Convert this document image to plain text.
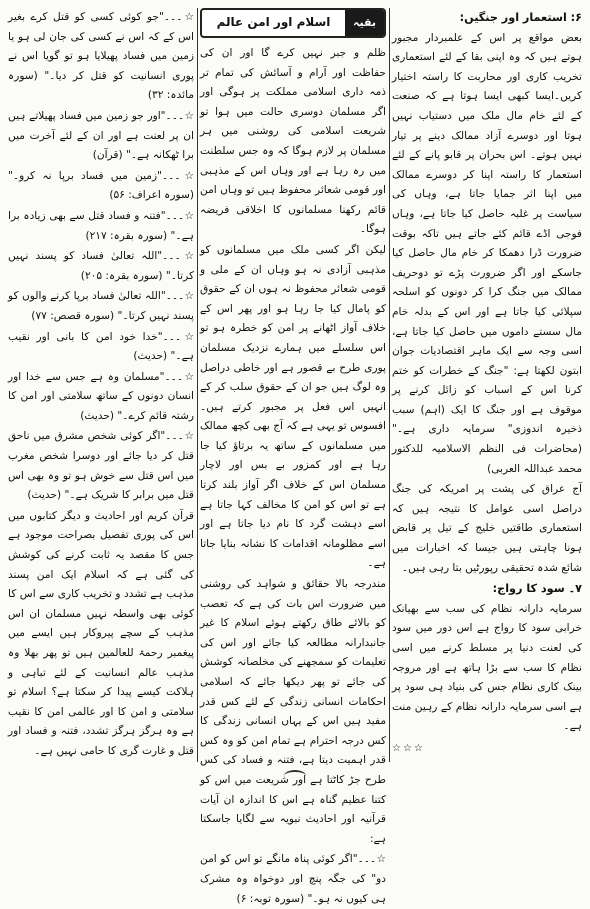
۶: استعمار اور جنگیں:

بعض مواقع پر اس کے علمبردار مجبور ہوتے ہیں کہ وہ اپنی بقا کے لئے استعماری تخریب کاری اور محاربت کا راستہ اختیار کریں۔ایسا کبھی ایسا ہوتا ہے کہ صنعت کے لئے خام مال ملک میں دستیاب نہیں ہوتا اور دوسرے آزاد ممالک دینے پر تیار نہیں ہوتے۔ اس بحران پر قابو پانے کے لئے استعمار کا راستہ اپنا کر دوسرے ممالک میں اپنا اثر جمایا جاتا ہے، وہاں کی سیاست پر غلبہ حاصل کیا جاتا ہے، وہاں فوجی اڈے قائم کئے جاتے ہیں تاکہ بوقت ضرورت ڈرا دھمکا کر خام مال حاصل کیا جاسکے اور اگر ضرورت پڑے تو دوحریف ممالک میں جنگ کرا کر دونوں کو اسلحہ سپلائی کیا جاتا ہے اور اس کے بدلہ خام مال سستے داموں میں حاصل کیا جاتا ہے، اسی وجہ سے ایک ماہر اقتصادیات جوان ابتون لکھتا ہے: "جنگ کے خطرات کو ختم کرنا اس کے اسباب کو زائل کرنے پر موقوف ہے اور جنگ کا ایک (اہم) سبب ذخیرہ اندوزی" سرمایہ داری ہے۔" (محاضرات فی النظم الاسلامیہ للدکتور محمد عبداللہ العربی)

آج عراق کی پشت پر امریکہ کی جنگ دراصل اسی عوامل کا نتیجہ ہیں کہ استعماری طاقتیں خلیج کے تیل پر قابض ہونا چاہتی ہیں جیسا کہ اخبارات میں شائع شدہ تحقیقی رپورٹیں بتا رہی ہیں۔

۷۔ سود کا رواج:

سرمایہ دارانہ نظام کی سب سے بھیانک خرابی سود کا رواج ہے اس دور میں سود کی لعنت دنیا پر مسلط کرنے میں اسی نظام کا سب سے بڑا ہاتھ ہے اور مروجہ بینک کاری نظام جس کی بنیاد ہی سود پر ہے اسی سرمایہ دارانہ نظام کے رہین منت ہے۔

☆☆☆
بقیہ
اسلام اور امن عالم

ظلم و جبر نہیں کرے گا اور ان کی حفاظت اور آرام و آسائش کی تمام تر ذمہ داری اسلامی مملکت پر ہوگی اور اگر مسلمان دوسری حالت میں ہوا تو شریعت اسلامی کی روشنی میں ہر مسلمان پر لازم ہوگا کہ وہ جس سلطنت میں رہ رہا ہے اور وہاں اس کے مذہبی اور قومی شعائر محفوظ ہیں تو وہاں امن قائم رکھنا مسلمانوں کا اخلاقی فریضہ ہوگا۔

لیکن اگر کسی ملک میں مسلمانوں کو مذہبی آزادی نہ ہو وہاں ان کے ملی و قومی شعائر محفوظ نہ ہوں ان کے حقوق کو پامال کیا جا رہا ہو اور پھر اس کے خلاف آواز اٹھانے پر امن کو خطرہ ہو تو اس سلسلے میں ہمارے نزدیک مسلمان پوری طرح بے قصور ہے اور خاطی دراصل وہ لوگ ہیں جو ان کے حقوق سلب کر کے انہیں اس فعل پر مجبور کرتے ہیں۔ افسوس تو یہی ہے کہ آج بھی کچھ ممالک میں مسلمانوں کے ساتھ یہ برتاؤ کیا جا رہا ہے اور کمزور بے بس اور لاچار مسلمان اس کے خلاف اگر آواز بلند کرتا ہے تو اس کو امن کا مخالف کہا جاتا ہے اسے دہشت گرد کا نام دیا جاتا ہے اور اسے مظلومانہ اقدامات کا نشانہ بنایا جاتا ہے۔

مندرجہ بالا حقائق و شواہد کی روشنی میں ضرورت اس بات کی ہے کہ تعصب کو بالائے طاق رکھتے ہوئے اسلام کا غیر جانبدارانہ مطالعہ کیا جائے اور اس کی تعلیمات کو سمجھنے کی مخلصانہ کوشش کی جائے تو پھر دیکھا جائے کہ اسلامی احکامات انسانی زندگی کے لئے کس قدر مفید ہیں اس کے یہاں انسانی زندگی کا کس درجہ احترام ہے تمام امن کو وہ کس قدر اہمیت دیتا ہے، فتنہ و فساد کی کس طرح جڑ کاٹتا ہے اور شریعت میں اس کو کتنا عظیم گناہ ہے اس کا اندازہ ان آیات قرآنیہ اور احادیث نبویہ سے لگایا جاسکتا ہے:

☆۔۔۔"اگر کوئی پناہ مانگے تو اس کو امن دو" کی جگہ پنچ اور دوخواہ وہ مشرک ہی کیوں نہ ہو۔" (سورہ توبہ: ۶)

☆۔۔۔"جو کوئی کسی کو قتل کرے بغیر اس کے کہ اس نے کسی کی جان لی ہو یا زمین میں فساد پھیلایا ہو تو گویا اس نے پوری انسانیت کو قتل کر دیا۔" (سورہ مائدہ: ۳۲)

☆۔۔۔"اور جو زمین میں فساد پھیلاتے ہیں ان پر لعنت ہے اور ان کے لئے آخرت میں برا ٹھکانہ ہے۔" (قرآن)

☆۔۔۔"زمین میں فساد برپا نہ کرو۔" (سورہ اعراف: ۵۶)

☆۔۔۔"فتنہ و فساد قتل سے بھی زیادہ برا ہے۔" (سورہ بقرہ: ۲۱۷)

☆۔۔۔"اللہ تعالیٰ فساد کو پسند نہیں کرتا۔" (سورہ بقرہ: ۲۰۵)

☆۔۔۔"اللہ تعالیٰ فساد برپا کرنے والوں کو پسند نہیں کرتا۔" (سورہ قصص: ۷۷)

☆۔۔۔"خدا خود امن کا بانی اور نقیب ہے۔" (حدیث)

☆۔۔۔"مسلمان وہ ہے جس سے خدا اور انسان دونوں کے ساتھ سلامتی اور امن کا رشتہ قائم کرے۔" (حدیث)

☆۔۔۔"اگر کوئی شخص مشرق میں ناحق قتل کر دیا جائے اور دوسرا شخص مغرب میں اس قتل سے خوش ہو تو وہ بھی اس قتل میں برابر کا شریک ہے۔" (حدیث)

قرآن کریم اور احادیث و دیگر کتابوں میں اس کی پوری تفصیل بصراحت موجود ہے جس کا مقصد یہ ثابت کرنے کی کوشش کی گئی ہے کہ اسلام ایک امن پسند مذہب ہے تشدد و تخریب کاری سے اس کا کوئی بھی واسطہ نہیں مسلمان ان اس مذہب کے سچے پیروکار ہیں ایسے میں پیغمبر رحمۃ للعالمین ہیں تو پھر بھلا وہ مذہب عالم انسانیت کے لئے تباہی و ہلاکت کیسے پیدا کر سکتا ہے؟ اسلام تو سلامتی و امن کا اور عالمی امن کا نقیب ہے وہ ہرگز ہرگز تشدد، فتنہ و فساد اور قتل و غارت گری کا حامی نہیں ہے۔
